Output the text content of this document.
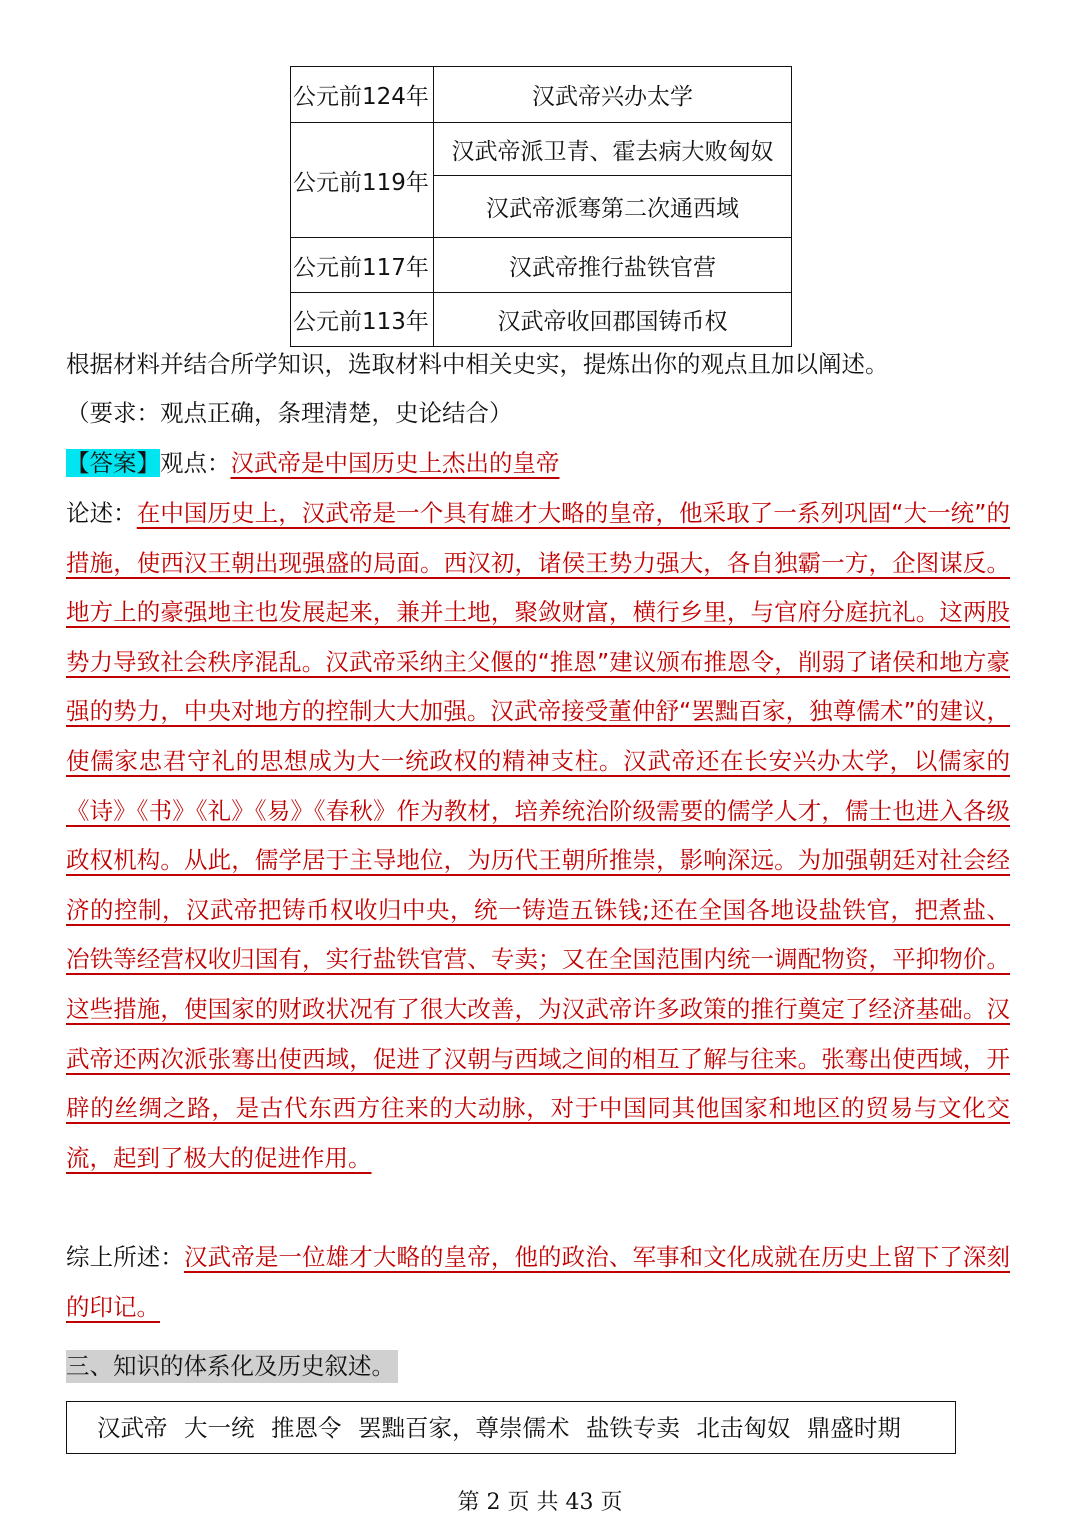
公元前124年	汉武帝兴办太学
公元前119年	汉武帝派卫青、霍去病大败匈奴
	汉武帝派骞第二次通西域
公元前117年	汉武帝推行盐铁官营
公元前113年	汉武帝收回郡国铸币权
根据材料并结合所学知识，选取材料中相关史实，提炼出你的观点且加以阐述。
（要求：观点正确，条理清楚，史论结合）
【答案】观点：汉武帝是中国历史上杰出的皇帝
论述：在中国历史上，汉武帝是一个具有雄才大略的皇帝，他采取了一系列巩固“大一统”的措施，使西汉王朝出现强盛的局面。西汉初，诸侯王势力强大，各自独霸一方，企图谋反。地方上的豪强地主也发展起来，兼并土地，聚敛财富，横行乡里，与官府分庭抗礼。这两股势力导致社会秩序混乱。汉武帝采纳主父偃的“推恩”建议颁布推恩令，削弱了诸侯和地方豪强的势力，中央对地方的控制大大加强。汉武帝接受董仲舒“罢黜百家，独尊儒术”的建议，使儒家忠君守礼的思想成为大一统政权的精神支柱。汉武帝还在长安兴办太学，以儒家的《诗》《书》《礼》《易》《春秋》作为教材，培养统治阶级需要的儒学人才，儒士也进入各级政权机构。从此，儒学居于主导地位，为历代王朝所推崇，影响深远。为加强朝廷对社会经济的控制，汉武帝把铸币权收归中央，统一铸造五铢钱;还在全国各地设盐铁官，把煮盐、冶铁等经营权收归国有，实行盐铁官营、专卖；又在全国范围内统一调配物资，平抑物价。这些措施，使国家的财政状况有了很大改善，为汉武帝许多政策的推行奠定了经济基础。汉武帝还两次派张骞出使西域，促进了汉朝与西域之间的相互了解与往来。张骞出使西域，开辟的丝绸之路，是古代东西方往来的大动脉，对于中国同其他国家和地区的贸易与文化交流，起到了极大的促进作用。
综上所述：汉武帝是一位雄才大略的皇帝，他的政治、军事和文化成就在历史上留下了深刻的印记。
三、知识的体系化及历史叙述。
汉武帝 大一统 推恩令 罢黜百家，尊崇儒术 盐铁专卖 北击匈奴 鼎盛时期
第 2 页 共 43 页
